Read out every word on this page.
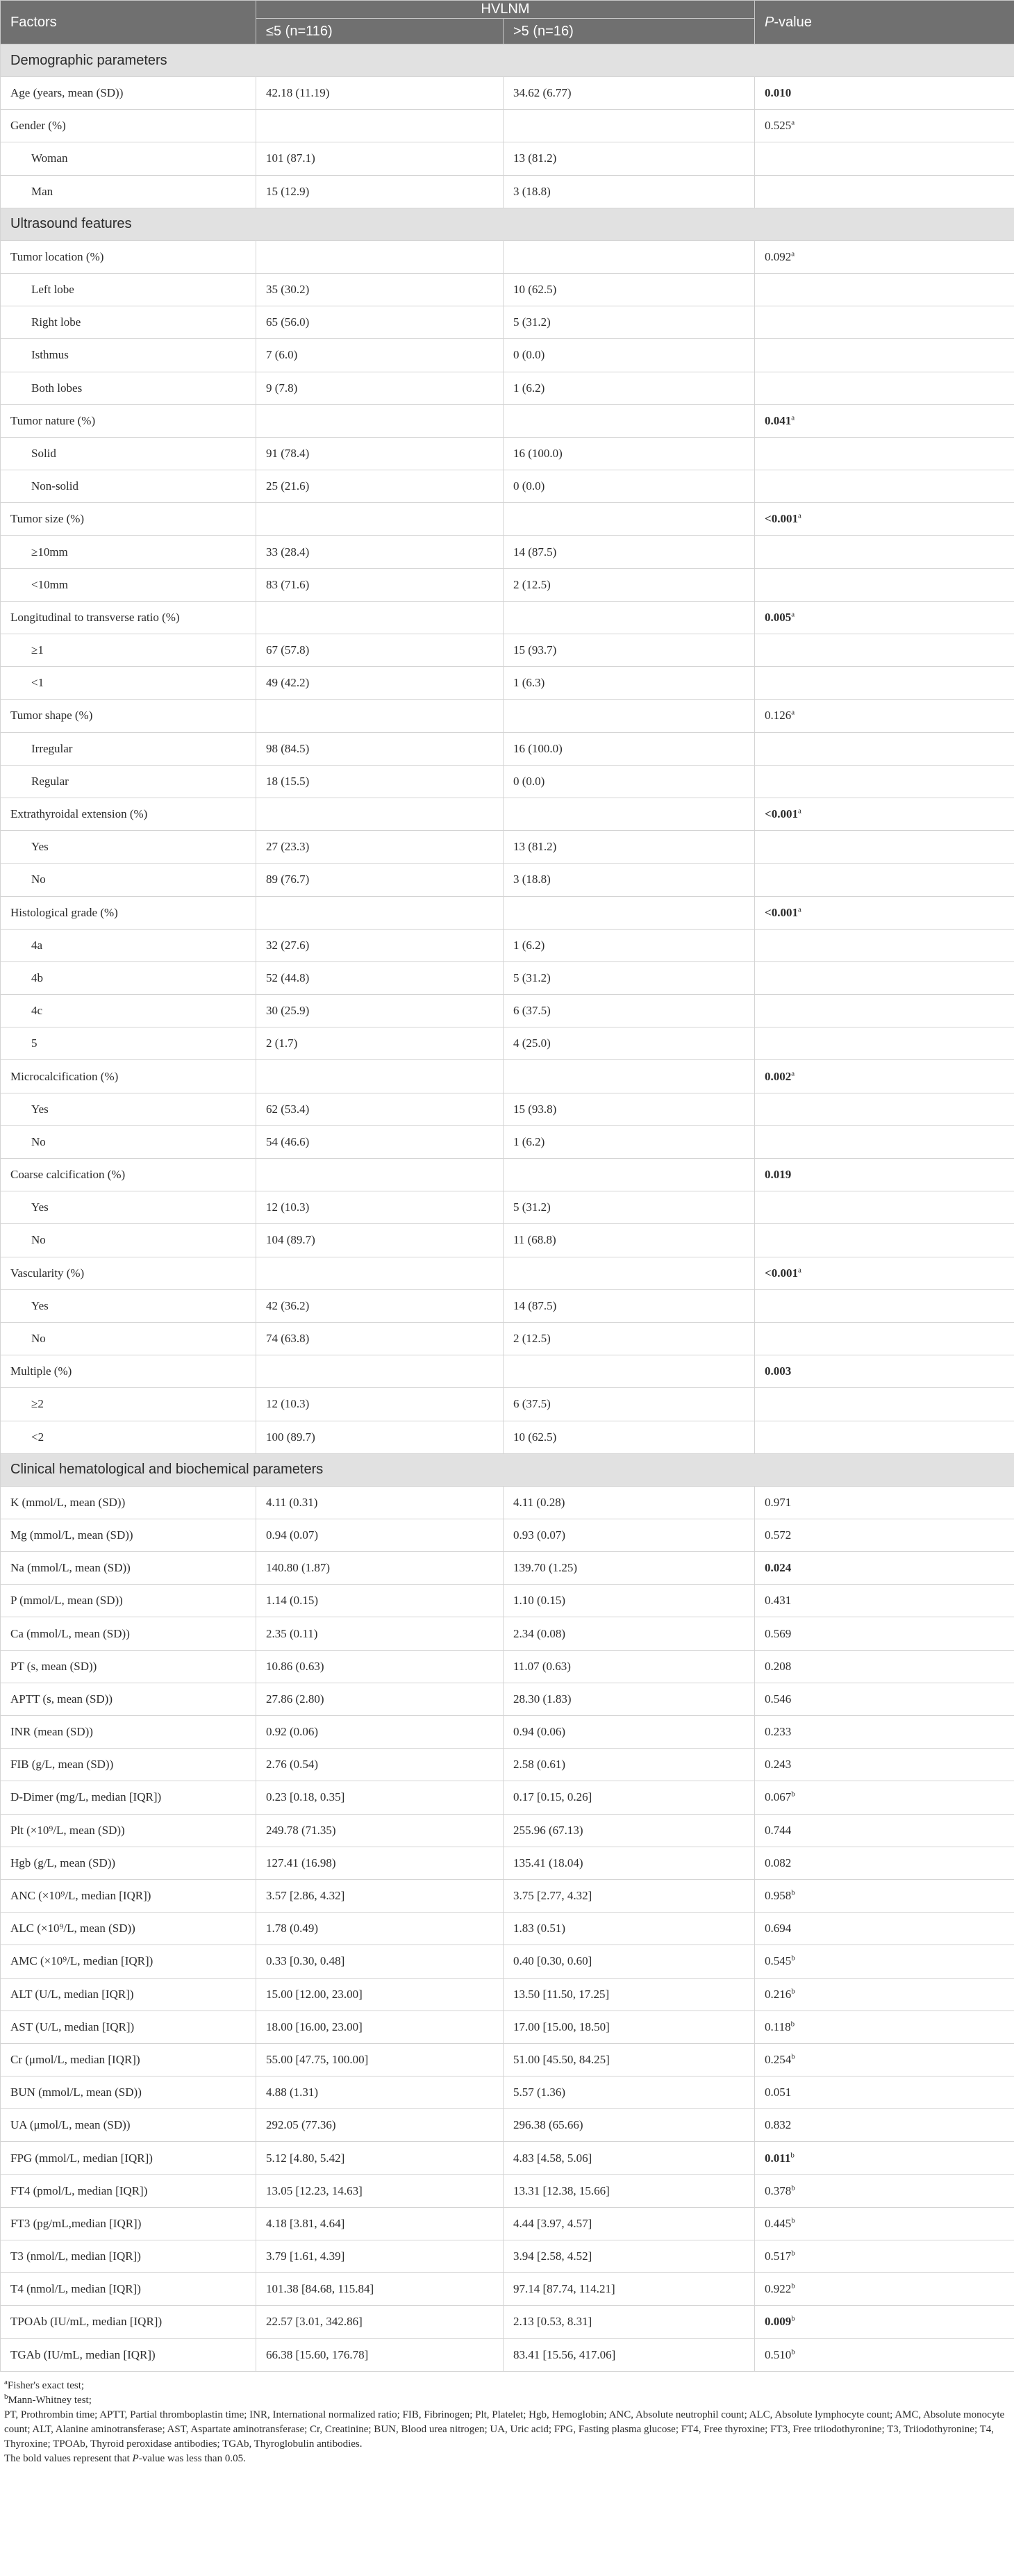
Factors	HVLNM		P-value
	≤5 (n=116)	>5 (n=16)	
Demographic parameters			
Age (years, mean (SD))	42.18 (11.19)	34.62 (6.77)	0.010
Gender (%)			0.525$^a$
Woman	101 (87.1)	13 (81.2)	
Man	15 (12.9)	3 (18.8)	
Ultrasound features			
Tumor location (%)			0.092$^a$
Left lobe	35 (30.2)	10 (62.5)	
Right lobe	65 (56.0)	5 (31.2)	
Isthmus	7 (6.0)	0 (0.0)	
Both lobes	9 (7.8)	1 (6.2)	
Tumor nature (%)			0.041$^a$
Solid	91 (78.4)	16 (100.0)	
Non-solid	25 (21.6)	0 (0.0)	
Tumor size (%)			<0.001$^a$
≥10mm	33 (28.4)	14 (87.5)	
<10mm	83 (71.6)	2 (12.5)	
Longitudinal to transverse ratio (%)			0.005$^a$
≥1	67 (57.8)	15 (93.7)	
<1	49 (42.2)	1 (6.3)	
Tumor shape (%)			0.126$^a$
Irregular	98 (84.5)	16 (100.0)	
Regular	18 (15.5)	0 (0.0)	
Extrathyroidal extension (%)			<0.001$^a$
Yes	27 (23.3)	13 (81.2)	
No	89 (76.7)	3 (18.8)	
Histological grade (%)			<0.001$^a$
4a	32 (27.6)	1 (6.2)	
4b	52 (44.8)	5 (31.2)	
4c	30 (25.9)	6 (37.5)	
5	2 (1.7)	4 (25.0)	
Microcalcification (%)			0.002$^a$
Yes	62 (53.4)	15 (93.8)	
No	54 (46.6)	1 (6.2)	
Coarse calcification (%)			0.019
Yes	12 (10.3)	5 (31.2)	
No	104 (89.7)	11 (68.8)	
Vascularity (%)			<0.001$^a$
Yes	42 (36.2)	14 (87.5)	
No	74 (63.8)	2 (12.5)	
Multiple (%)			0.003
≥2	12 (10.3)	6 (37.5)	
<2	100 (89.7)	10 (62.5)	
Clinical hematological and biochemical parameters			
K (mmol/L, mean (SD))	4.11 (0.31)	4.11 (0.28)	0.971
Mg (mmol/L, mean (SD))	0.94 (0.07)	0.93 (0.07)	0.572
Na (mmol/L, mean (SD))	140.80 (1.87)	139.70 (1.25)	0.024
P (mmol/L, mean (SD))	1.14 (0.15)	1.10 (0.15)	0.431
Ca (mmol/L, mean (SD))	2.35 (0.11)	2.34 (0.08)	0.569
PT (s, mean (SD))	10.86 (0.63)	11.07 (0.63)	0.208
APTT (s, mean (SD))	27.86 (2.80)	28.30 (1.83)	0.546
INR (mean (SD))	0.92 (0.06)	0.94 (0.06)	0.233
FIB (g/L, mean (SD))	2.76 (0.54)	2.58 (0.61)	0.243
D-Dimer (mg/L, median [IQR])	0.23 [0.18, 0.35]	0.17 [0.15, 0.26]	0.067$^b$
Plt (×10⁹/L, mean (SD))	249.78 (71.35)	255.96 (67.13)	0.744
Hgb (g/L, mean (SD))	127.41 (16.98)	135.41 (18.04)	0.082
ANC (×10⁹/L, median [IQR])	3.57 [2.86, 4.32]	3.75 [2.77, 4.32]	0.958$^b$
ALC (×10⁹/L, mean (SD))	1.78 (0.49)	1.83 (0.51)	0.694
AMC (×10⁹/L, median [IQR])	0.33 [0.30, 0.48]	0.40 [0.30, 0.60]	0.545$^b$
ALT (U/L, median [IQR])	15.00 [12.00, 23.00]	13.50 [11.50, 17.25]	0.216$^b$
AST (U/L, median [IQR])	18.00 [16.00, 23.00]	17.00 [15.00, 18.50]	0.118$^b$
Cr (μmol/L, median [IQR])	55.00 [47.75, 100.00]	51.00 [45.50, 84.25]	0.254$^b$
BUN (mmol/L, mean (SD))	4.88 (1.31)	5.57 (1.36)	0.051
UA (μmol/L, mean (SD))	292.05 (77.36)	296.38 (65.66)	0.832
FPG (mmol/L, median [IQR])	5.12 [4.80, 5.42]	4.83 [4.58, 5.06]	0.011$^b$
FT4 (pmol/L, median [IQR])	13.05 [12.23, 14.63]	13.31 [12.38, 15.66]	0.378$^b$
FT3 (pg/mL,median [IQR])	4.18 [3.81, 4.64]	4.44 [3.97, 4.57]	0.445$^b$
T3 (nmol/L, median [IQR])	3.79 [1.61, 4.39]	3.94 [2.58, 4.52]	0.517$^b$
T4 (nmol/L, median [IQR])	101.38 [84.68, 115.84]	97.14 [87.74, 114.21]	0.922$^b$
TPOAb (IU/mL, median [IQR])	22.57 [3.01, 342.86]	2.13 [0.53, 8.31]	0.009$^b$
TGAb (IU/mL, median [IQR])	66.38 [15.60, 176.78]	83.41 [15.56, 417.06]	0.510$^b$

$^a$Fisher's exact test;

$^b$Mann-Whitney test;

PT, Prothrombin time; APTT, Partial thromboplastin time; INR, International normalized ratio; FIB, Fibrinogen; Plt, Platelet; Hgb, Hemoglobin; ANC, Absolute neutrophil count; ALC, Absolute lymphocyte count; AMC, Absolute monocyte count; ALT, Alanine aminotransferase; AST, Aspartate aminotransferase; Cr, Creatinine; BUN, Blood urea nitrogen; UA, Uric acid; FPG, Fasting plasma glucose; FT4, Free thyroxine; FT3, Free triiodothyronine; T3, Triiodothyronine; T4, Thyroxine; TPOAb, Thyroid peroxidase antibodies; TGAb, Thyroglobulin antibodies.

The bold values represent that P-value was less than 0.05.
